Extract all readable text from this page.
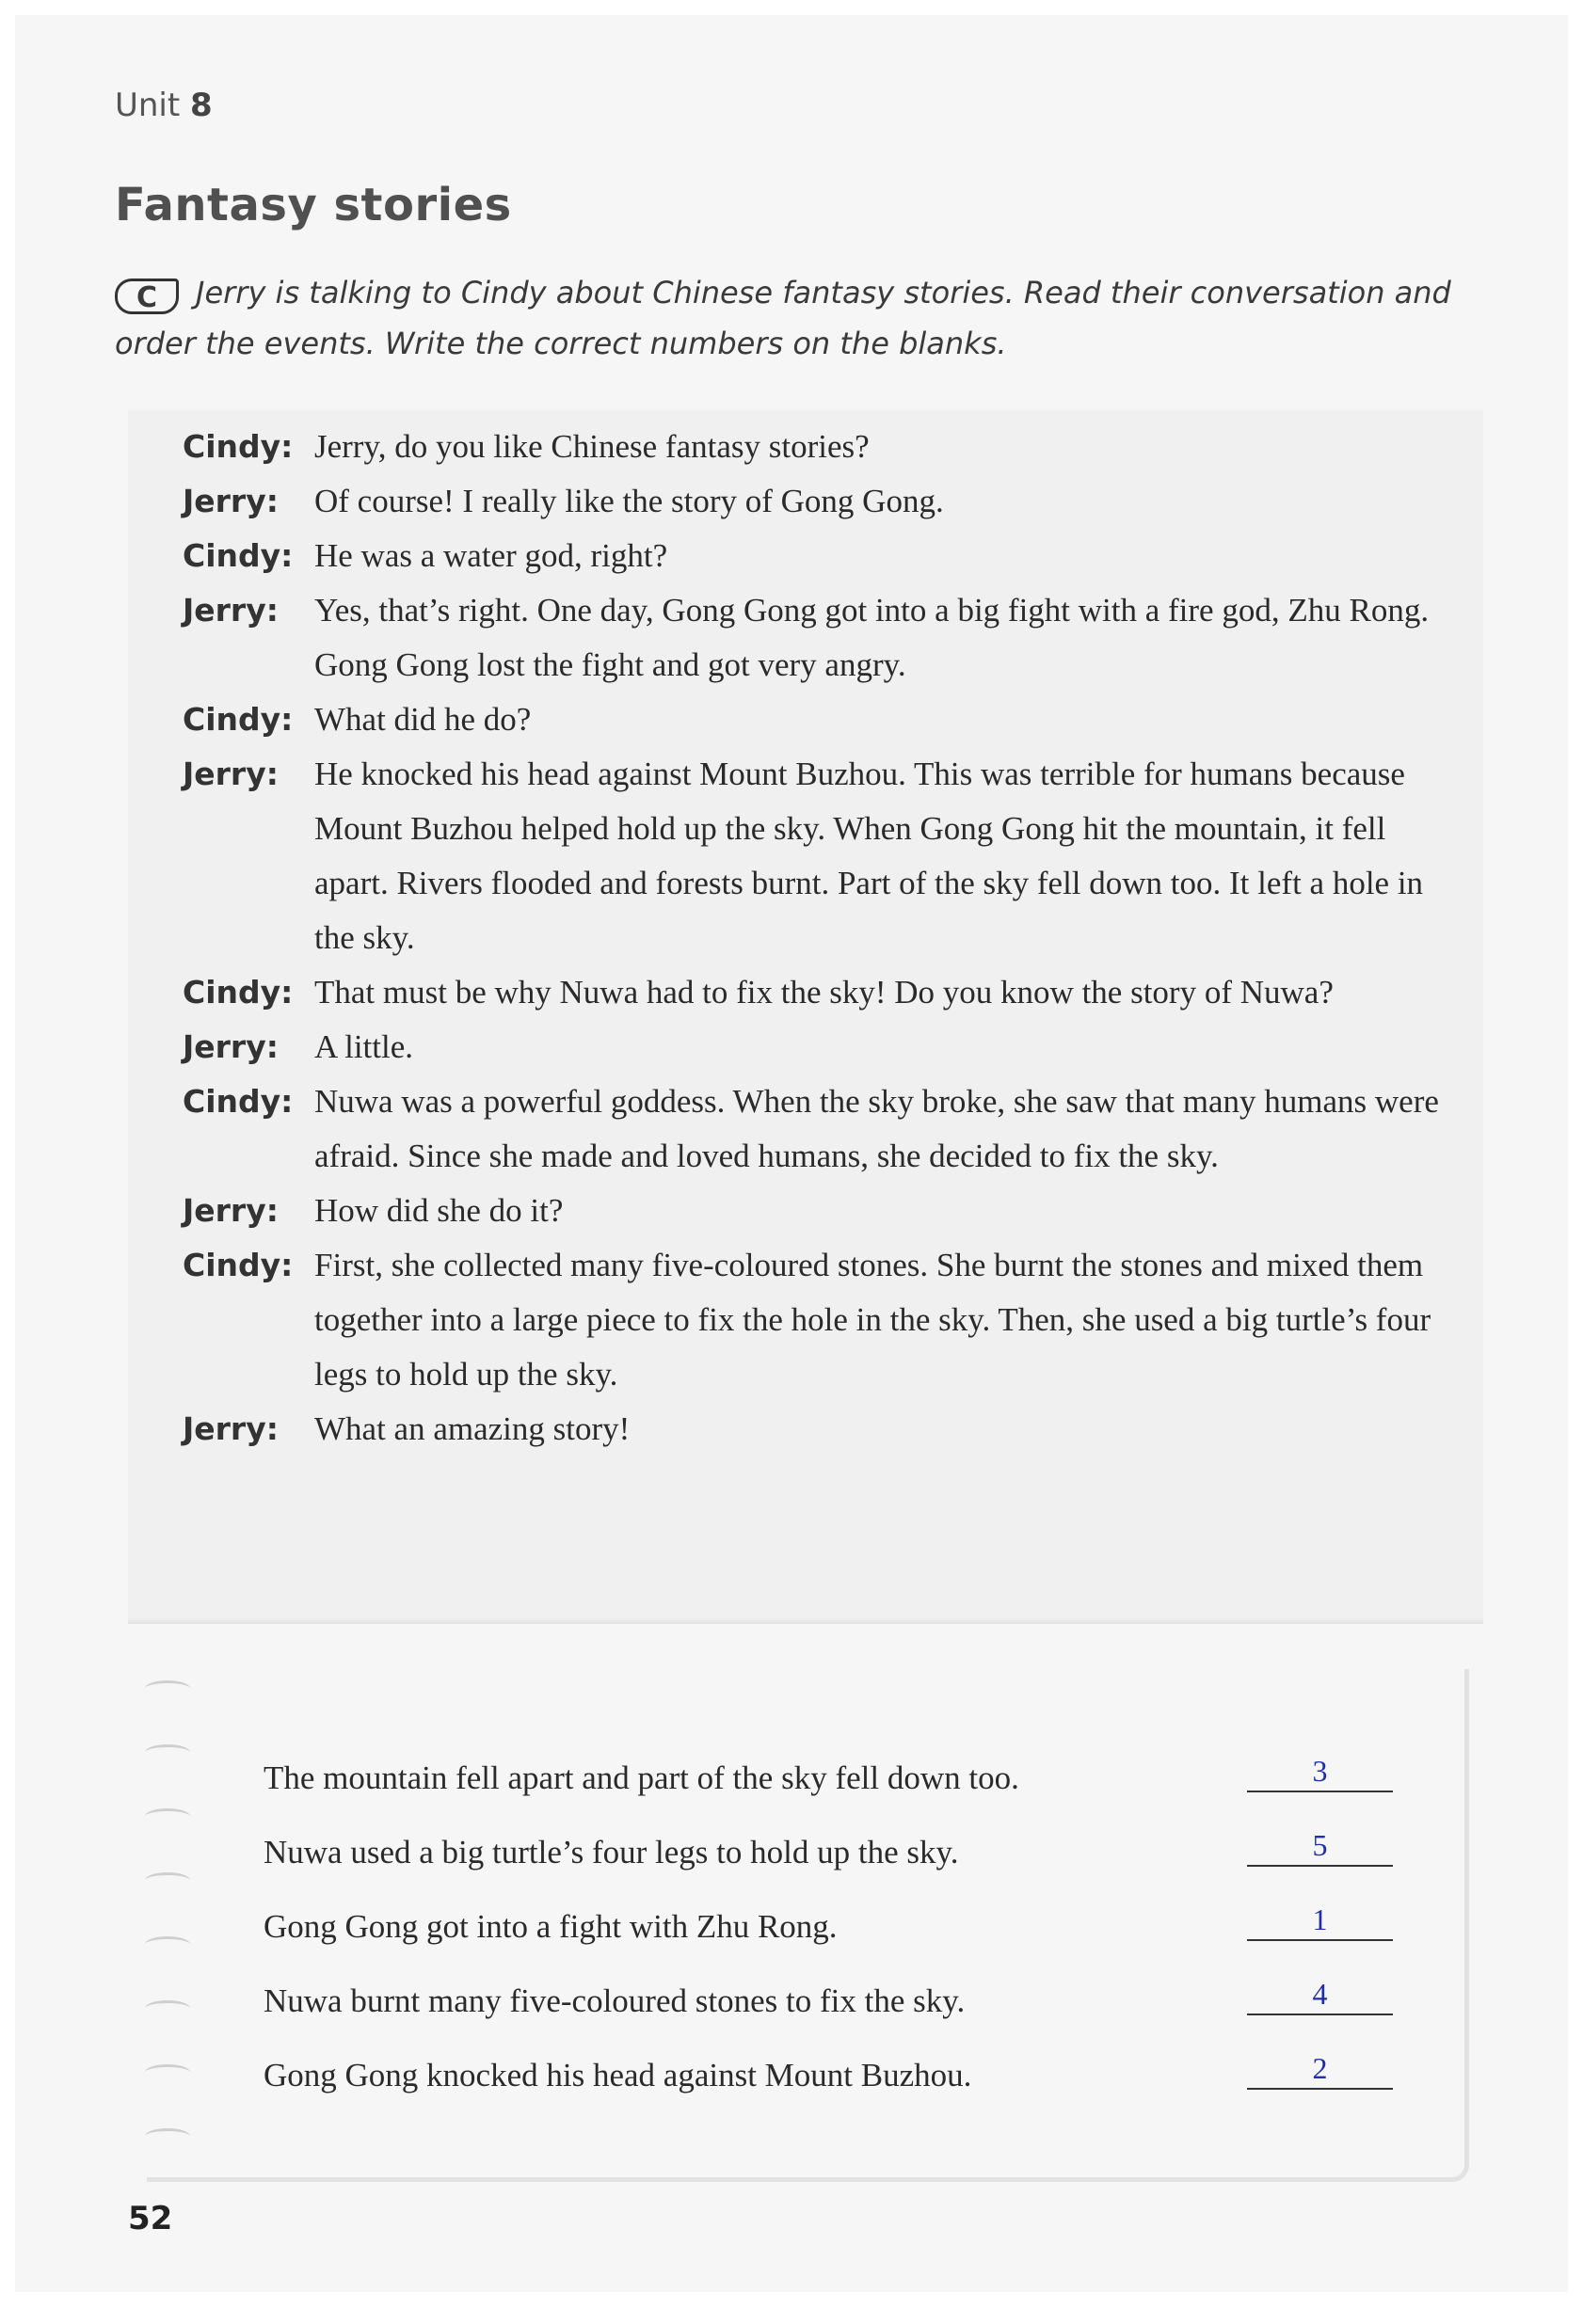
Unit 8
Fantasy stories
C Jerry is talking to Cindy about Chinese fantasy stories. Read their conversation and order the events. Write the correct numbers on the blanks.
Cindy: Jerry, do you like Chinese fantasy stories?
Jerry:	Of course! I really like the story of Gong Gong.
Cindy: He was a water god, right?
Jerry:	Yes, that’s right. One day, Gong Gong got into a big fight with a fire god, Zhu Rong. Gong Gong lost the fight and got very angry.
Cindy: What did he do?
Jerry:	He knocked his head against Mount Buzhou. This was terrible for humans because Mount Buzhou helped hold up the sky. When Gong Gong hit the mountain, it fell apart. Rivers flooded and forests burnt. Part of the sky fell down too. It left a hole in the sky.
Cindy: That must be why Nuwa had to fix the sky! Do you know the story of Nuwa?
Jerry:	A little.
Cindy: Nuwa was a powerful goddess. When the sky broke, she saw that many humans were afraid. Since she made and loved humans, she decided to fix the sky.
Jerry:	How did she do it?
Cindy: First, she collected many five-coloured stones. She burnt the stones and mixed them together into a large piece to fix the hole in the sky. Then, she used a big turtle’s four legs to hold up the sky.
Jerry:	What an amazing story!
The mountain fell apart and part of the sky fell down too.	3
Nuwa used a big turtle’s four legs to hold up the sky.	5
Gong Gong got into a fight with Zhu Rong.	1
Nuwa burnt many five-coloured stones to fix the sky.	4
Gong Gong knocked his head against Mount Buzhou.	2
52
